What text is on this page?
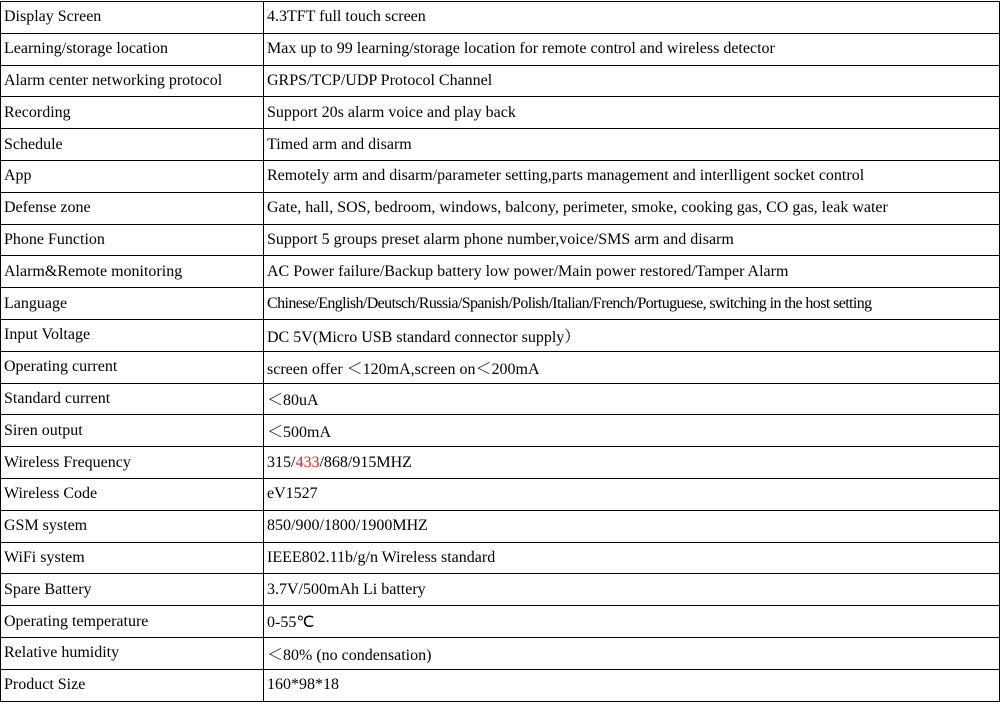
Display Screen	4.3TFT full touch screen
Learning/storage location	Max up to 99 learning/storage location for remote control and wireless detector
Alarm center networking protocol	GRPS/TCP/UDP Protocol Channel
Recording	Support 20s alarm voice and play back
Schedule	Timed arm and disarm
App	Remotely arm and disarm/parameter setting,parts management and interlligent socket control
Defense zone	Gate, hall, SOS, bedroom, windows, balcony, perimeter, smoke, cooking gas, CO gas, leak water
Phone Function	Support 5 groups preset alarm phone number,voice/SMS arm and disarm
Alarm&Remote monitoring	AC Power failure/Backup battery low power/Main power restored/Tamper Alarm
Language	Chinese/English/Deutsch/Russia/Spanish/Polish/Italian/French/Portuguese, switching in the host setting
Input Voltage	DC 5V(Micro USB standard connector supply）
Operating current	screen offer ＜120mA,screen on＜200mA
Standard current	＜80uA
Siren output	＜500mA
Wireless Frequency	315/433/868/915MHZ
Wireless Code	eV1527
GSM system	850/900/1800/1900MHZ
WiFi system	IEEE802.11b/g/n Wireless standard
Spare Battery	3.7V/500mAh Li battery
Operating temperature	0-55℃
Relative humidity	＜80% (no condensation)
Product Size	160*98*18
